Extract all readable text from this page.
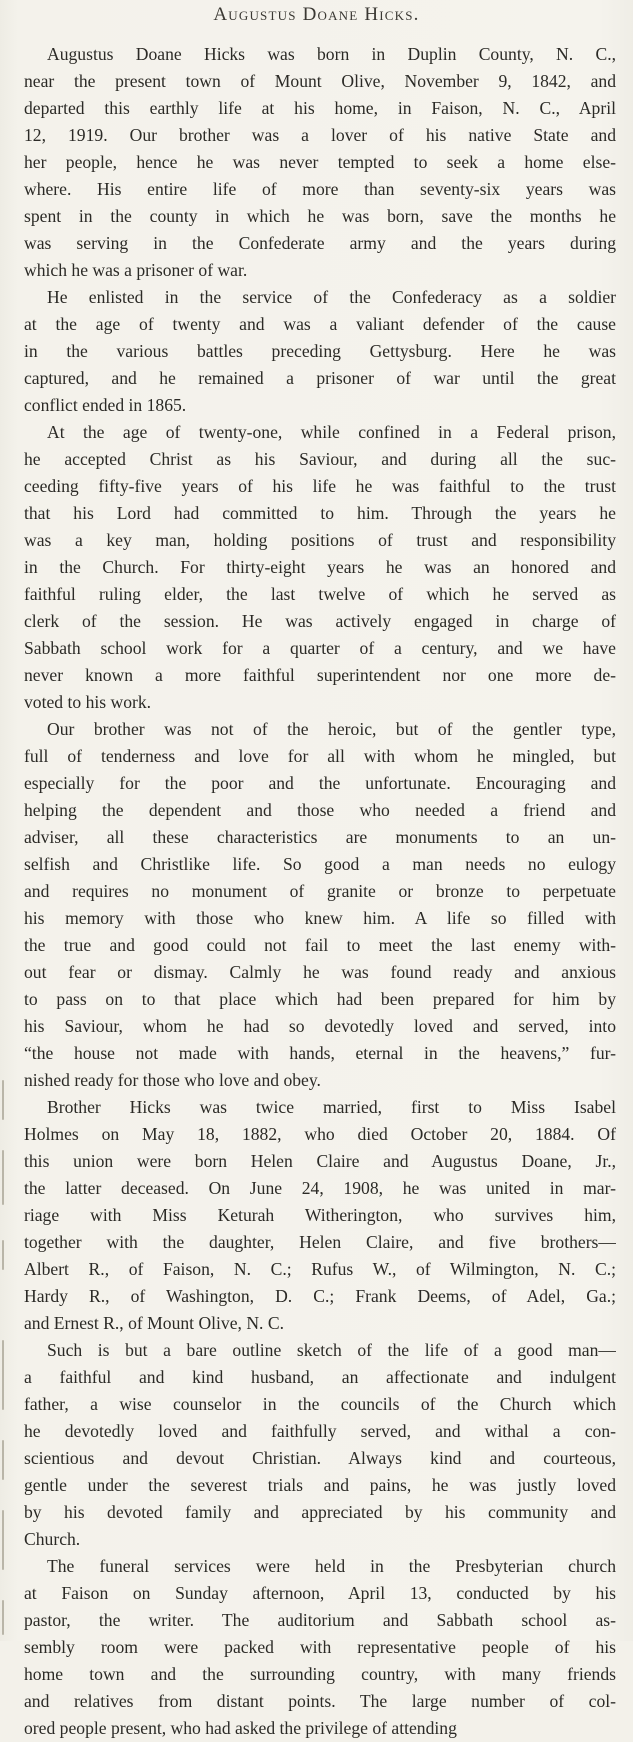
Augustus Doane Hicks.
Augustus Doane Hicks was born in Duplin County, N. C.,
near the present town of Mount Olive, November 9, 1842, and
departed this earthly life at his home, in Faison, N. C., April
12, 1919. Our brother was a lover of his native State and
her people, hence he was never tempted to seek a home else-
where. His entire life of more than seventy-six years was
spent in the county in which he was born, save the months he
was serving in the Confederate army and the years during
which he was a prisoner of war.
He enlisted in the service of the Confederacy as a soldier
at the age of twenty and was a valiant defender of the cause
in the various battles preceding Gettysburg. Here he was
captured, and he remained a prisoner of war until the great
conflict ended in 1865.
At the age of twenty-one, while confined in a Federal prison,
he accepted Christ as his Saviour, and during all the suc-
ceeding fifty-five years of his life he was faithful to the trust
that his Lord had committed to him. Through the years he
was a key man, holding positions of trust and responsibility
in the Church. For thirty-eight years he was an honored and
faithful ruling elder, the last twelve of which he served as
clerk of the session. He was actively engaged in charge of
Sabbath school work for a quarter of a century, and we have
never known a more faithful superintendent nor one more de-
voted to his work.
Our brother was not of the heroic, but of the gentler type,
full of tenderness and love for all with whom he mingled, but
especially for the poor and the unfortunate. Encouraging and
helping the dependent and those who needed a friend and
adviser, all these characteristics are monuments to an un-
selfish and Christlike life. So good a man needs no eulogy
and requires no monument of granite or bronze to perpetuate
his memory with those who knew him. A life so filled with
the true and good could not fail to meet the last enemy with-
out fear or dismay. Calmly he was found ready and anxious
to pass on to that place which had been prepared for him by
his Saviour, whom he had so devotedly loved and served, into
“the house not made with hands, eternal in the heavens,” fur-
nished ready for those who love and obey.
Brother Hicks was twice married, first to Miss Isabel
Holmes on May 18, 1882, who died October 20, 1884. Of
this union were born Helen Claire and Augustus Doane, Jr.,
the latter deceased. On June 24, 1908, he was united in mar-
riage with Miss Keturah Witherington, who survives him,
together with the daughter, Helen Claire, and five brothers—
Albert R., of Faison, N. C.; Rufus W., of Wilmington, N. C.;
Hardy R., of Washington, D. C.; Frank Deems, of Adel, Ga.;
and Ernest R., of Mount Olive, N. C.
Such is but a bare outline sketch of the life of a good man—
a faithful and kind husband, an affectionate and indulgent
father, a wise counselor in the councils of the Church which
he devotedly loved and faithfully served, and withal a con-
scientious and devout Christian. Always kind and courteous,
gentle under the severest trials and pains, he was justly loved
by his devoted family and appreciated by his community and
Church.
The funeral services were held in the Presbyterian church
at Faison on Sunday afternoon, April 13, conducted by his
pastor, the writer. The auditorium and Sabbath school as-
sembly room were packed with representative people of his
home town and the surrounding country, with many friends
and relatives from distant points. The large number of col-
ored people present, who had asked the privilege of attending
